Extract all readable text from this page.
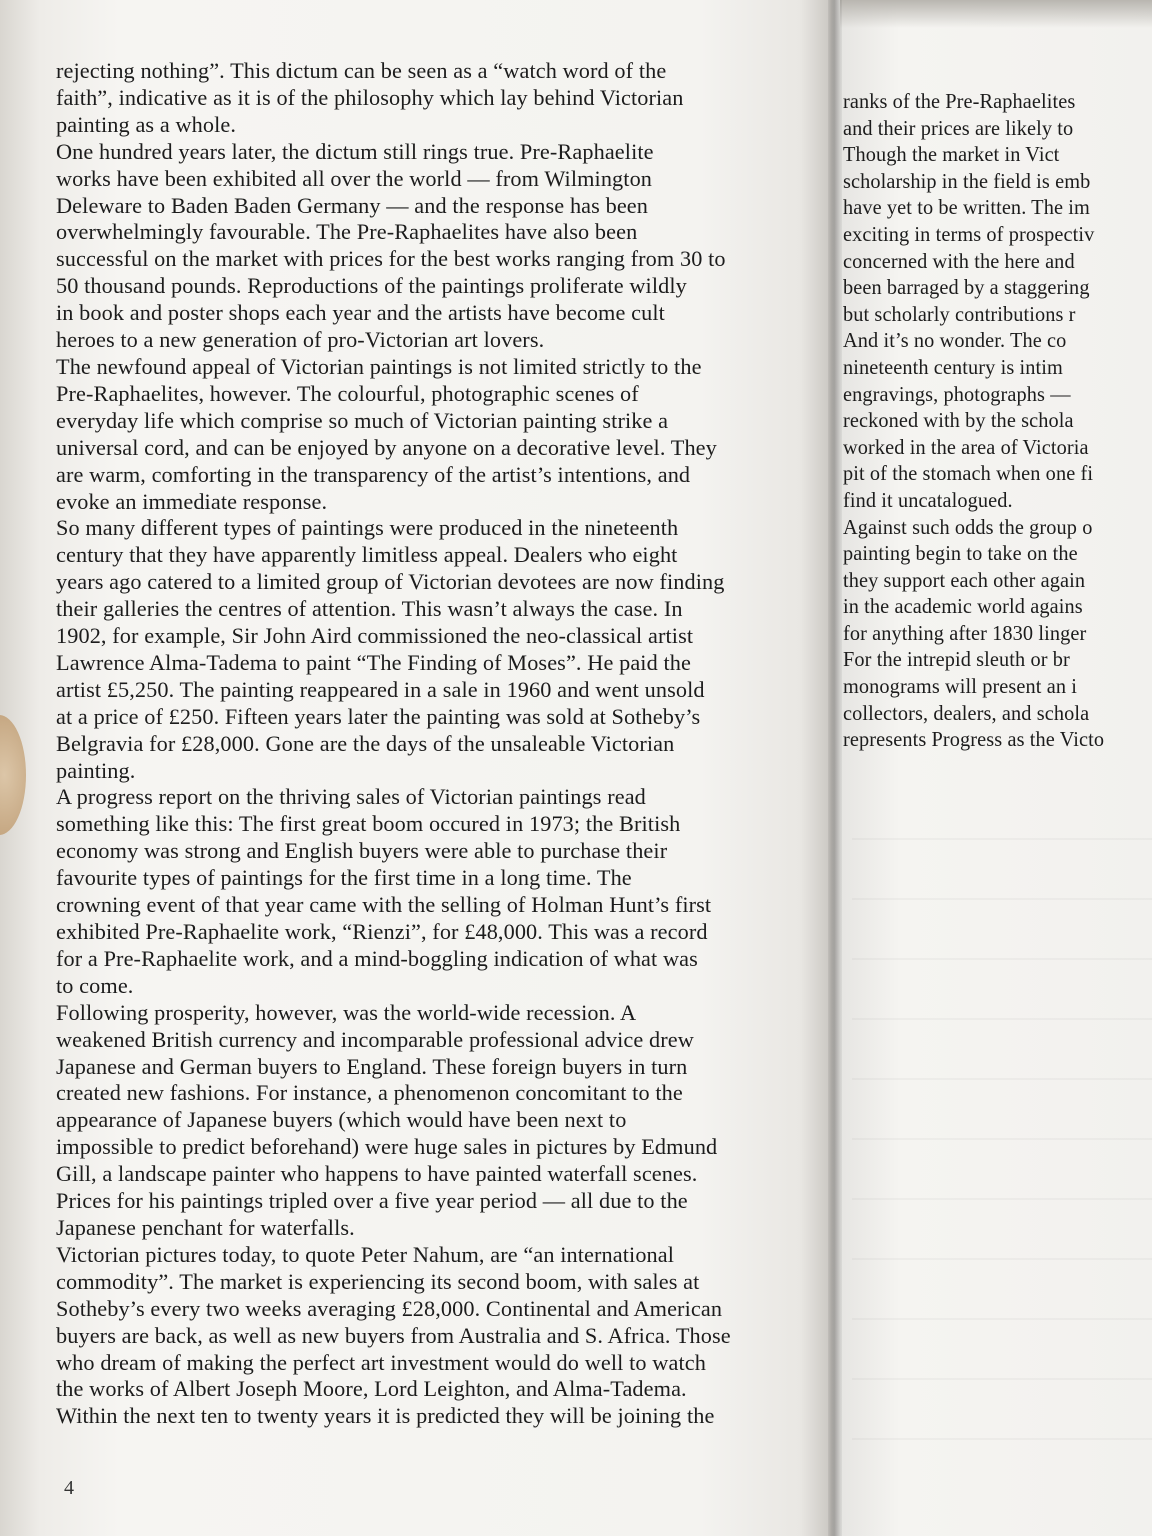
rejecting nothing”. This dictum can be seen as a “watch word of the
faith”, indicative as it is of the philosophy which lay behind Victorian
painting as a whole.
One hundred years later, the dictum still rings true. Pre-Raphaelite
works have been exhibited all over the world — from Wilmington
Deleware to Baden Baden Germany — and the response has been
overwhelmingly favourable. The Pre-Raphaelites have also been
successful on the market with prices for the best works ranging from 30 to
50 thousand pounds. Reproductions of the paintings proliferate wildly
in book and poster shops each year and the artists have become cult
heroes to a new generation of pro-Victorian art lovers.
The newfound appeal of Victorian paintings is not limited strictly to the
Pre-Raphaelites, however. The colourful, photographic scenes of
everyday life which comprise so much of Victorian painting strike a
universal cord, and can be enjoyed by anyone on a decorative level. They
are warm, comforting in the transparency of the artist’s intentions, and
evoke an immediate response.
So many different types of paintings were produced in the nineteenth
century that they have apparently limitless appeal. Dealers who eight
years ago catered to a limited group of Victorian devotees are now finding
their galleries the centres of attention. This wasn’t always the case. In
1902, for example, Sir John Aird commissioned the neo-classical artist
Lawrence Alma-Tadema to paint “The Finding of Moses”. He paid the
artist £5,250. The painting reappeared in a sale in 1960 and went unsold
at a price of £250. Fifteen years later the painting was sold at Sotheby’s
Belgravia for £28,000. Gone are the days of the unsaleable Victorian
painting.
A progress report on the thriving sales of Victorian paintings read
something like this: The first great boom occured in 1973; the British
economy was strong and English buyers were able to purchase their
favourite types of paintings for the first time in a long time. The
crowning event of that year came with the selling of Holman Hunt’s first
exhibited Pre-Raphaelite work, “Rienzi”, for £48,000. This was a record
for a Pre-Raphaelite work, and a mind-boggling indication of what was
to come.
Following prosperity, however, was the world-wide recession. A
weakened British currency and incomparable professional advice drew
Japanese and German buyers to England. These foreign buyers in turn
created new fashions. For instance, a phenomenon concomitant to the
appearance of Japanese buyers (which would have been next to
impossible to predict beforehand) were huge sales in pictures by Edmund
Gill, a landscape painter who happens to have painted waterfall scenes.
Prices for his paintings tripled over a five year period — all due to the
Japanese penchant for waterfalls.
Victorian pictures today, to quote Peter Nahum, are “an international
commodity”. The market is experiencing its second boom, with sales at
Sotheby’s every two weeks averaging £28,000. Continental and American
buyers are back, as well as new buyers from Australia and S. Africa. Those
who dream of making the perfect art investment would do well to watch
the works of Albert Joseph Moore, Lord Leighton, and Alma-Tadema.
Within the next ten to twenty years it is predicted they will be joining the
ranks of the Pre-Raphaelites
and their prices are likely to
Though the market in Vict
scholarship in the field is emb
have yet to be written. The im
exciting in terms of prospectiv
concerned with the here and
been barraged by a staggering
but scholarly contributions r
And it’s no wonder. The co
nineteenth century is intim
engravings, photographs —
reckoned with by the schola
worked in the area of Victoria
pit of the stomach when one fi
find it uncatalogued.
Against such odds the group o
painting begin to take on the
they support each other again
in the academic world agains
for anything after 1830 linger
For the intrepid sleuth or br
monograms will present an i
collectors, dealers, and schola
represents Progress as the Victo
4
